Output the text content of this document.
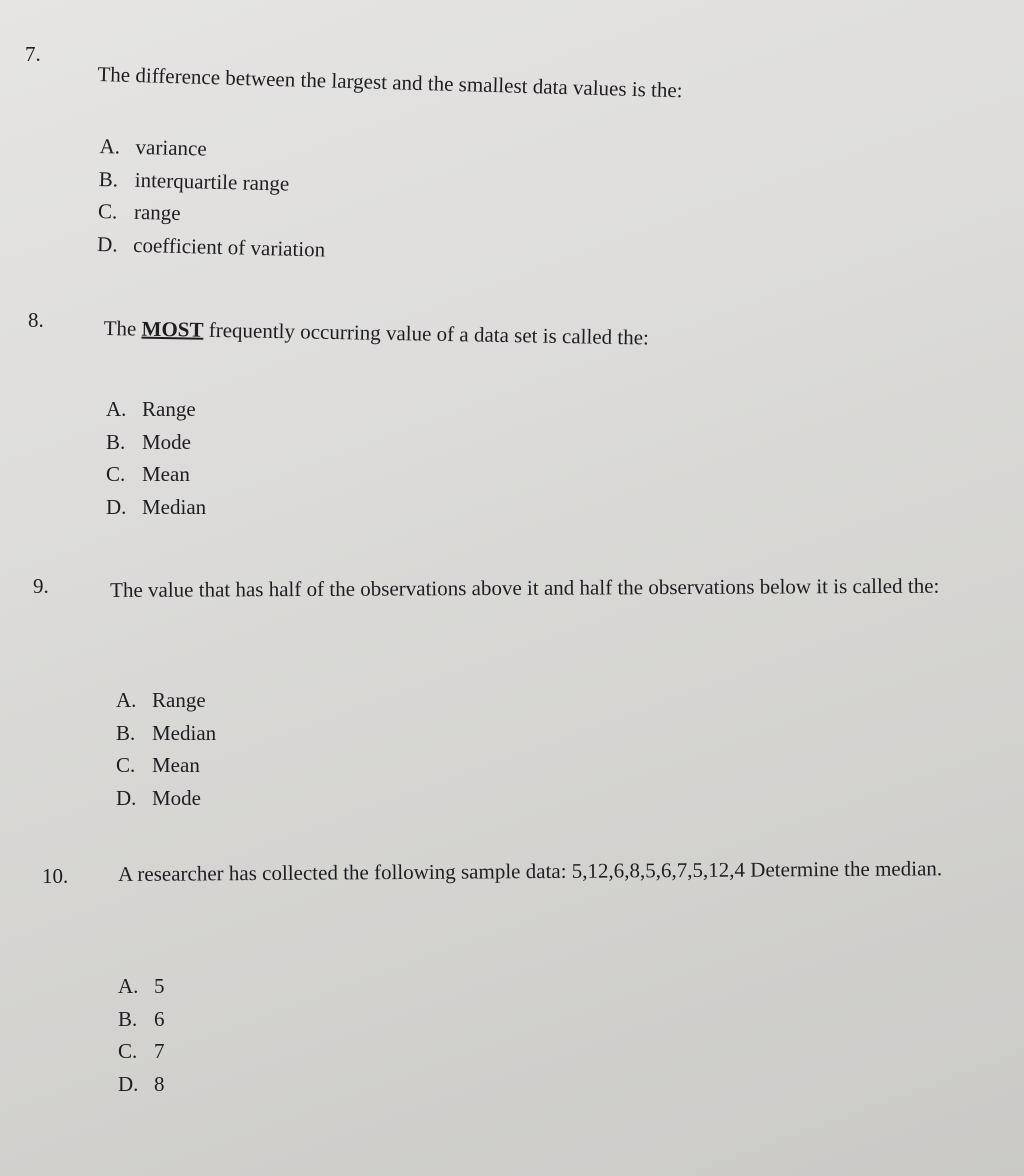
7.
The difference between the largest and the smallest data values is the:
A. variance
B. interquartile range
C. range
D. coefficient of variation
8.	The MOST frequently occurring value of a data set is called the:
A. Range
B. Mode
C. Mean
D. Median
9.	The value that has half of the observations above it and half the observations below it is called the:
A. Range
B. Median
C. Mean
D. Mode
10. A researcher has collected the following sample data: 5,12,6,8,5,6,7,5,12,4 Determine the median.
A. 5
B. 6
C. 7
D. 8
